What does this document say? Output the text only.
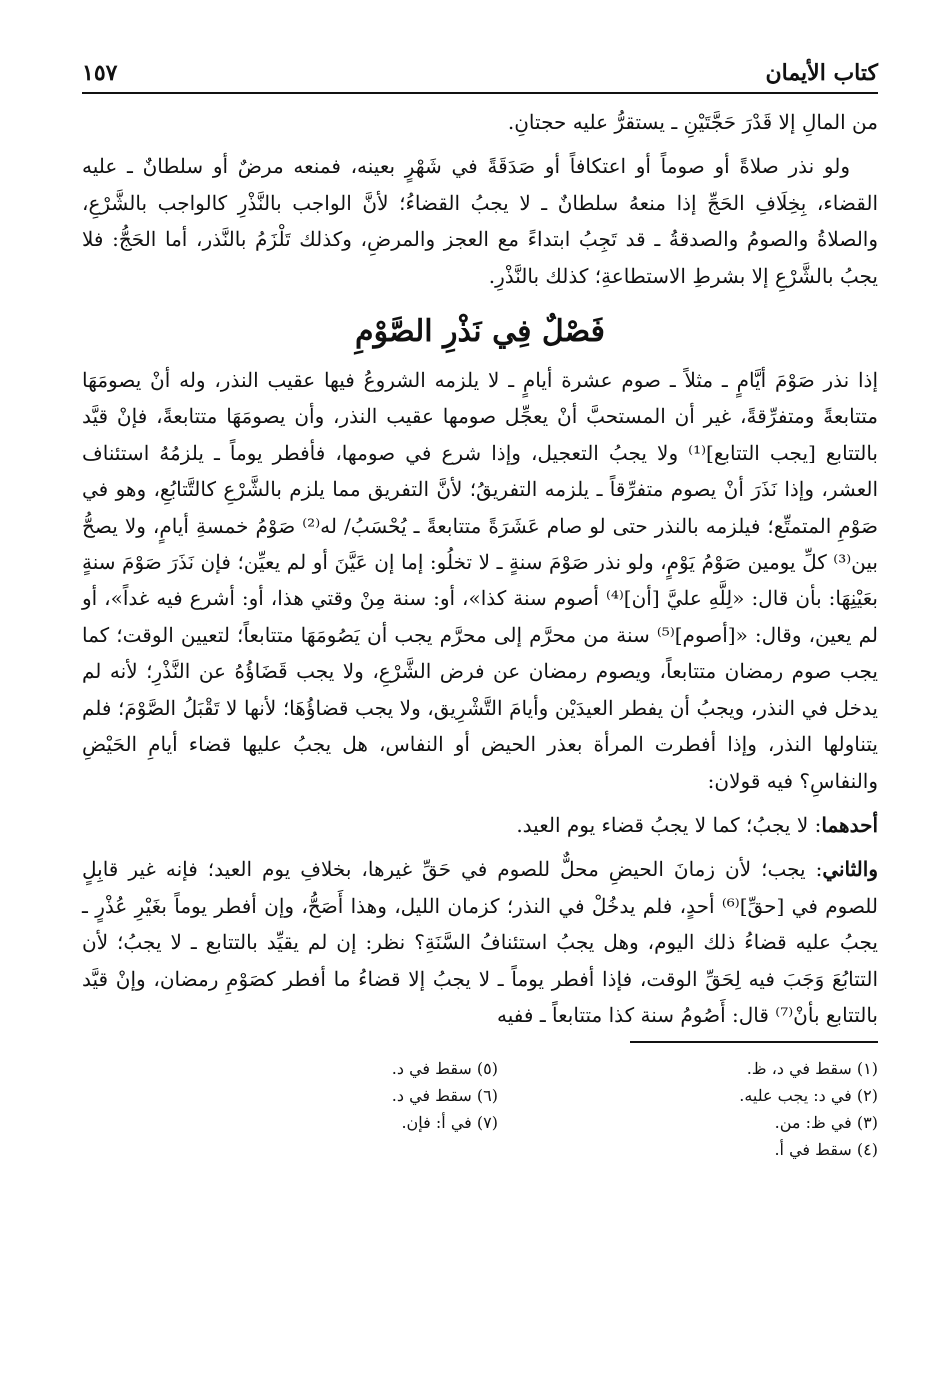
كتاب الأيمان
١٥٧

من المالِ إلا قَدْرَ حَجَّتَيْنِ ـ يستقرُّ عليه حجتانِ.

ولو نذر صلاةً أو صوماً أو اعتكافاً أو صَدَقَةً في شَهْرٍ بعينه، فمنعه مرضٌ أو سلطانٌ ـ عليه القضاء، بِخِلَافِ الحَجِّ إذا منعهُ سلطانٌ ـ لا يجبُ القضاءُ؛ لأنَّ الواجب بالنَّذْرِ كالواجب بالشَّرْعِ، والصلاةُ والصومُ والصدقةُ ـ قد تَجِبُ ابتداءً مع العجز والمرضِ، وكذلك تَلْزَمُ بالنَّذر، أما الحَجُّ: فلا يجبُ بالشَّرْعِ إلا بشرطِ الاستطاعةِ؛ كذلك بالنَّذْرِ.

فَصْلٌ فِي نَذْرِ الصَّوْمِ

إذا نذر صَوْمَ أيَّامٍ ـ مثلاً ـ صوم عشرة أيامٍ ـ لا يلزمه الشروعُ فيها عقيب النذر، وله أنْ يصومَهَا متتابعةً ومتفرِّقةً، غير أن المستحبَّ أنْ يعجِّل صومها عقيب النذر، وأن يصومَهَا متتابعةً، فإنْ قيَّد بالتتابع [يجب التتابع]⁽¹⁾ ولا يجبُ التعجيل، وإذا شرع في صومها، فأفطر يوماً ـ يلزمُهُ استئناف العشر، وإذا نَذَرَ أنْ يصوم متفرِّقاً ـ يلزمه التفريقُ؛ لأنَّ التفريق مما يلزم بالشَّرْعِ كالتَّتابُعِ، وهو في صَوْمِ المتمتِّع؛ فيلزمه بالنذر حتى لو صام عَشَرَةً متتابعةً ـ يُحْسَبُ/ له⁽²⁾ صَوْمُ خمسةِ أيامٍ، ولا يصحُّ بين⁽³⁾ كلِّ يومين صَوْمُ يَوْمٍ، ولو نذر صَوْمَ سنةٍ ـ لا تخلُو: إما إن عَيَّنَ أو لم يعيِّن؛ فإن نَذَرَ صَوْمَ سنةٍ بعَيْنِهَا: بأن قال: «لِلَّهِ عليَّ [أن]⁽⁴⁾ أصوم سنة كذا»، أو: سنة مِنْ وقتي هذا، أو: أشرع فيه غداً»، أو لم يعين، وقال: «[أصوم]⁽⁵⁾ سنة من محرَّم إلى محرَّم يجب أن يَصُومَهَا متتابعاً؛ لتعيين الوقت؛ كما يجب صوم رمضان متتابعاً، ويصوم رمضان عن فرض الشَّرْعِ، ولا يجب قَضَاؤُهُ عن النَّذْرِ؛ لأنه لم يدخل في النذر، ويجبُ أن يفطر العيدَيْن وأيامَ التَّشْرِيق، ولا يجب قضاؤُهَا؛ لأنها لا تَقْبَلُ الصَّوْمَ؛ فلم يتناولها النذر، وإذا أفطرت المرأة بعذر الحيض أو النفاس، هل يجبُ عليها قضاء أيامِ الحَيْضِ والنفاسِ؟ فيه قولان:

أحدهما: لا يجبُ؛ كما لا يجبُ قضاء يوم العيد.

والثاني: يجب؛ لأن زمانَ الحيضِ محلٌّ للصوم في حَقِّ غيرها، بخلافِ يوم العيد؛ فإنه غير قابِلٍ للصوم في [حقِّ]⁽⁶⁾ أحدٍ، فلم يدخُلْ في النذر؛ كزمان الليل، وهذا أَصَحُّ، وإن أفطر يوماً بغَيْرِ عُذْرٍ ـ يجبُ عليه قضاءُ ذلك اليوم، وهل يجبُ استئنافُ السَّنَةِ؟ نظر: إن لم يقيِّد بالتتابع ـ لا يجبُ؛ لأن التتابُعَ وَجَبَ فيه لِحَقِّ الوقت، فإذا أفطر يوماً ـ لا يجبُ إلا قضاءُ ما أفطر كصَوْمِ رمضان، وإنْ قيَّد بالتتابع بأنْ⁽⁷⁾ قال: أَصُومُ سنة كذا متتابعاً ـ ففيه

(١) سقط في د، ظ.

(٢) في د: يجب عليه.

(٣) في ظ: من.

(٤) سقط في أ.

(٥) سقط في د.

(٦) سقط في د.

(٧) في أ: فإن.
